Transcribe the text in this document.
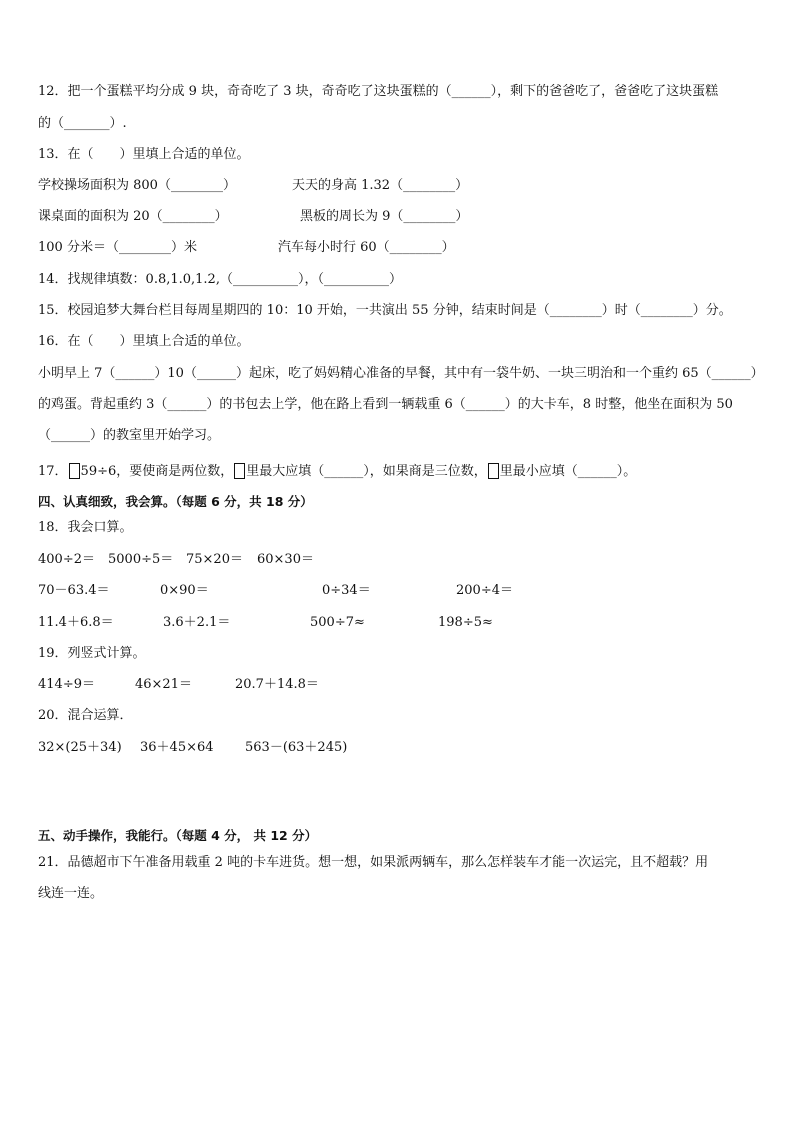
12．把一个蛋糕平均分成 9 块，奇奇吃了 3 块，奇奇吃了这块蛋糕的（______），剩下的爸爸吃了，爸爸吃了这块蛋糕
的（_______）.
13．在（　　）里填上合适的单位。
学校操场面积为 800（________）	天天的身高 1.32（________）
课桌面的面积为 20（________）	黑板的周长为 9（________）
100 分米＝（________）米	汽车每小时行 60（________）
14．找规律填数：0.8,1.0,1.2,（__________），（__________）
15．校园追梦大舞台栏目每周星期四的 10：10 开始，一共演出 55 分钟，结束时间是（________）时（________）分。
16．在（　　）里填上合适的单位。
小明早上 7（______）10（______）起床，吃了妈妈精心准备的早餐，其中有一袋牛奶、一块三明治和一个重约 65（______）
的鸡蛋。背起重约 3（______）的书包去上学，他在路上看到一辆载重 6（______）的大卡车，8 时整，他坐在面积为 50
（______）的教室里开始学习。
17． 59÷6，要使商是两位数， 里最大应填（______），如果商是三位数， 里最小应填（______）。
四、认真细致，我会算。（每题 6 分，共 18 分）
18．我会口算。
400÷2＝ 5000÷5＝ 75×20＝ 60×30＝
70－63.4＝	0×90＝	0÷34＝	200÷4＝
11.4＋6.8＝	3.6＋2.1＝	500÷7≈	198÷5≈
19．列竖式计算。
414÷9＝	46×21＝	20.7＋14.8＝
20．混合运算．
32×(25＋34) 36＋45×64 563－(63＋245)
五、动手操作，我能行。（每题 4 分， 共 12 分）
21．品德超市下午准备用载重 2 吨的卡车进货。想一想，如果派两辆车，那么怎样装车才能一次运完，且不超载？用
线连一连。
